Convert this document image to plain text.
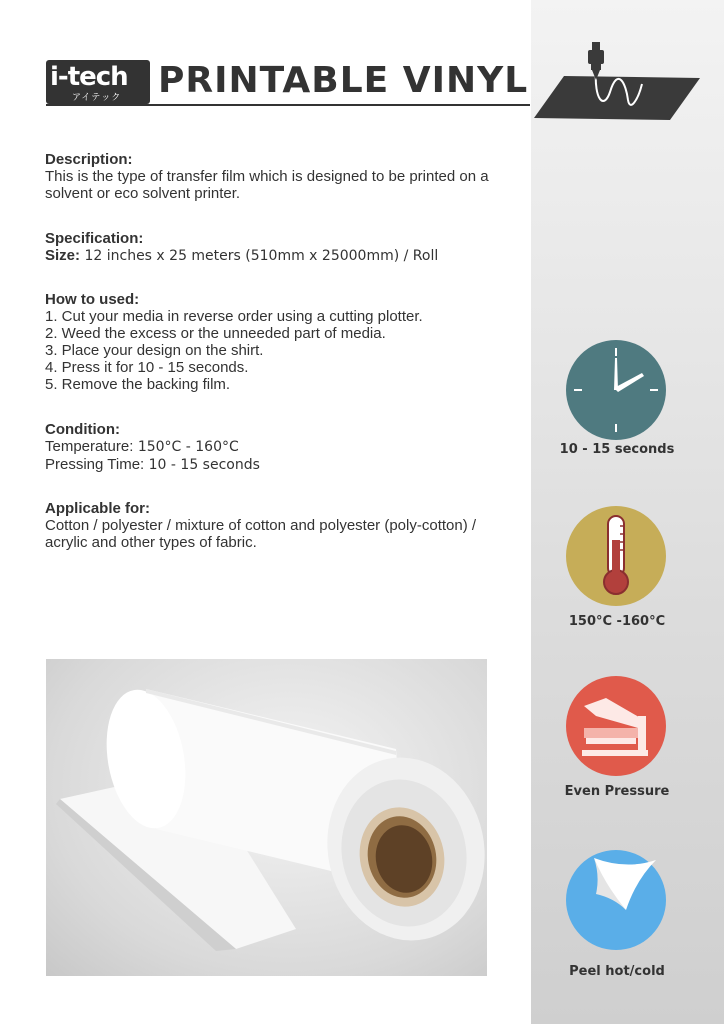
i-tech
アイテック PRINTABLE VINYL
Description:

This is the type of transfer film which is designed to be printed on a solvent or eco solvent printer.

Specification:

Size: 12 inches x 25 meters (510mm x 25000mm) / Roll

How to used:

1. Cut your media in reverse order using a cutting plotter.

2. Weed the excess or the unneeded part of media.

3. Place your design on the shirt.

4. Press it for 10 - 15 seconds.

5. Remove the backing film.

Condition:

Temperature: 150°C - 160°C

Pressing Time: 10 - 15 seconds

Applicable for:

Cotton / polyester / mixture of cotton and polyester (poly-cotton) / acrylic and other types of fabric.

10 - 15 seconds
150°C -160°C
Even Pressure
Peel hot/cold
